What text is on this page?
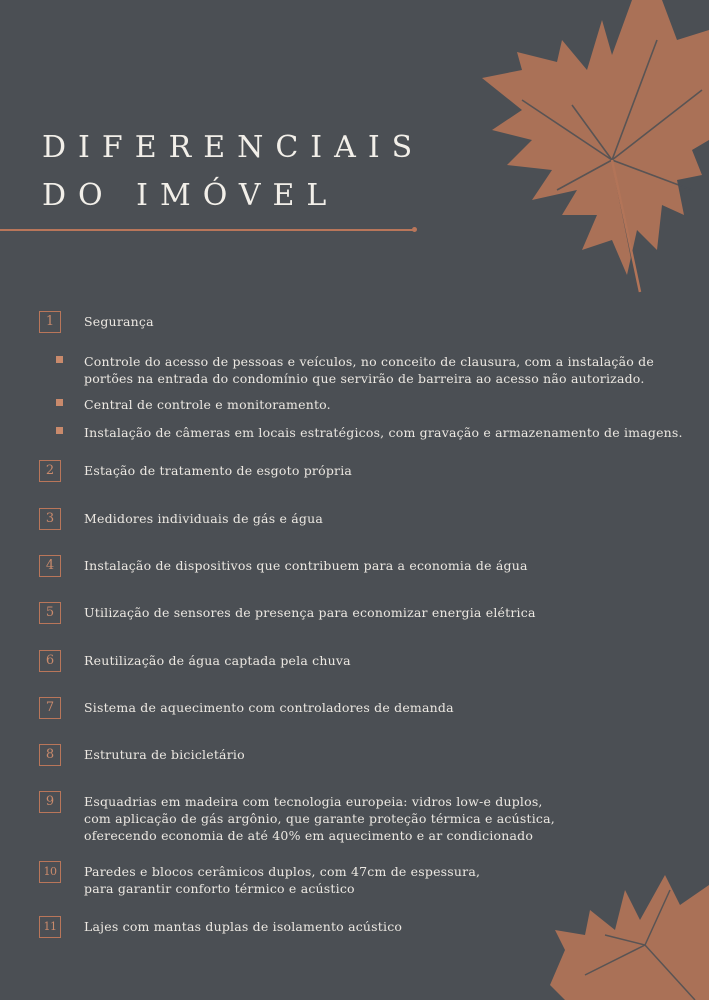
DIFERENCIAIS
DO IMÓVEL
1	Segurança
Controle do acesso de pessoas e veículos, no conceito de clausura, com a instalação de
portões na entrada do condomínio que servirão de barreira ao acesso não autorizado.
Central de controle e monitoramento.
Instalação de câmeras em locais estratégicos, com gravação e armazenamento de imagens.
2	Estação de tratamento de esgoto própria
3	Medidores individuais de gás e água
4	Instalação de dispositivos que contribuem para a economia de água
5	Utilização de sensores de presença para economizar energia elétrica
6	Reutilização de água captada pela chuva
7	Sistema de aquecimento com controladores de demanda
8	Estrutura de bicicletário
9	Esquadrias em madeira com tecnologia europeia: vidros low-e duplos,
com aplicação de gás argônio, que garante proteção térmica e acústica,
oferecendo economia de até 40% em aquecimento e ar condicionado
10	Paredes e blocos cerâmicos duplos, com 47cm de espessura,
para garantir conforto térmico e acústico
11	Lajes com mantas duplas de isolamento acústico
